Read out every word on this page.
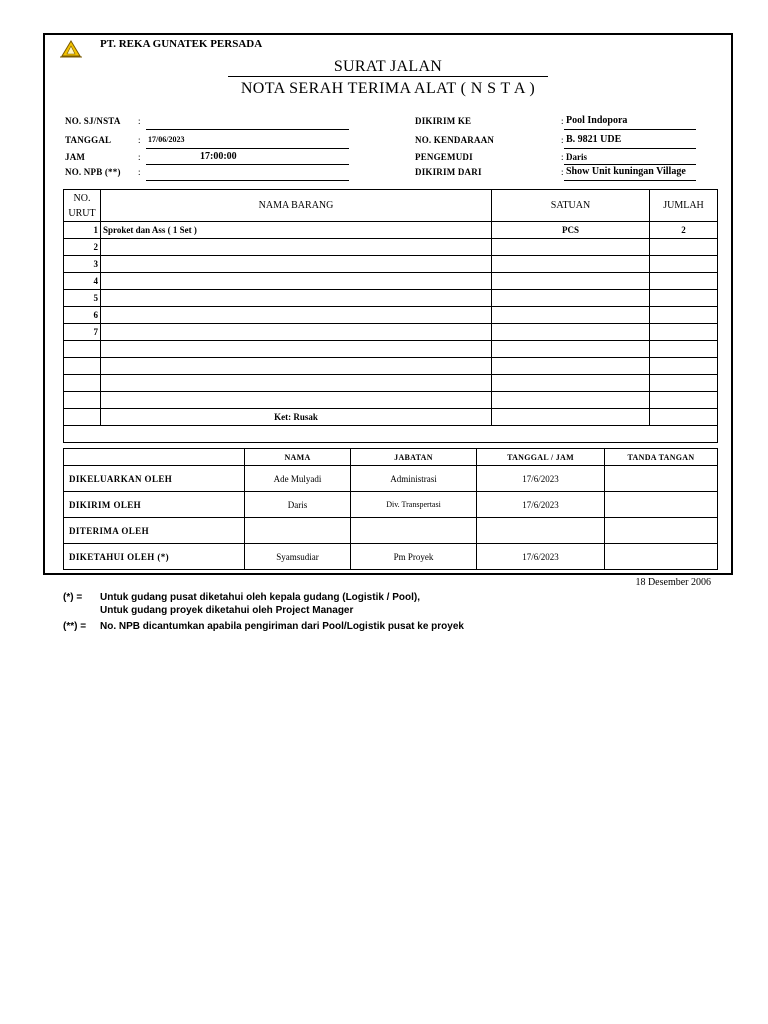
PT. REKA GUNATEK PERSADA
SURAT JALAN	_
NOTA SERAH TERIMA ALAT ( N S T A )
NO. SJ/NSTA :
TANGGAL	: 17/06/2023
JAM	:	17:00:00
NO. NPB (**) :
DIKIRIM KE	: Pool Indopora
NO. KENDARAAN	: B. 9821 UDE
PENGEMUDI	: Daris
DIKIRIM DARI	: Show Unit kuningan Village
NO.
URUT	NAMA BARANG	SATUAN	JUMLAH
1	Sproket dan Ass ( 1 Set )	PCS	2
2			
3			
4			
5			
6			
7			

	Ket: Rusak		

	NAMA	JABATAN	TANGGAL / JAM	TANDA TANGAN
DIKELUARKAN OLEH	Ade Mulyadi	Administrasi	17/6/2023	
DIKIRIM OLEH	Daris	Div. Transpertasi	17/6/2023	
DITERIMA OLEH				
DIKETAHUI OLEH (*)	Syamsudiar	Pm Proyek	17/6/2023	
18 Desember 2006
(*) = Untuk gudang pusat diketahui oleh kepala gudang (Logistik / Pool),
Untuk gudang proyek diketahui oleh Project Manager
(**) = No. NPB dicantumkan apabila pengiriman dari Pool/Logistik pusat ke proyek
